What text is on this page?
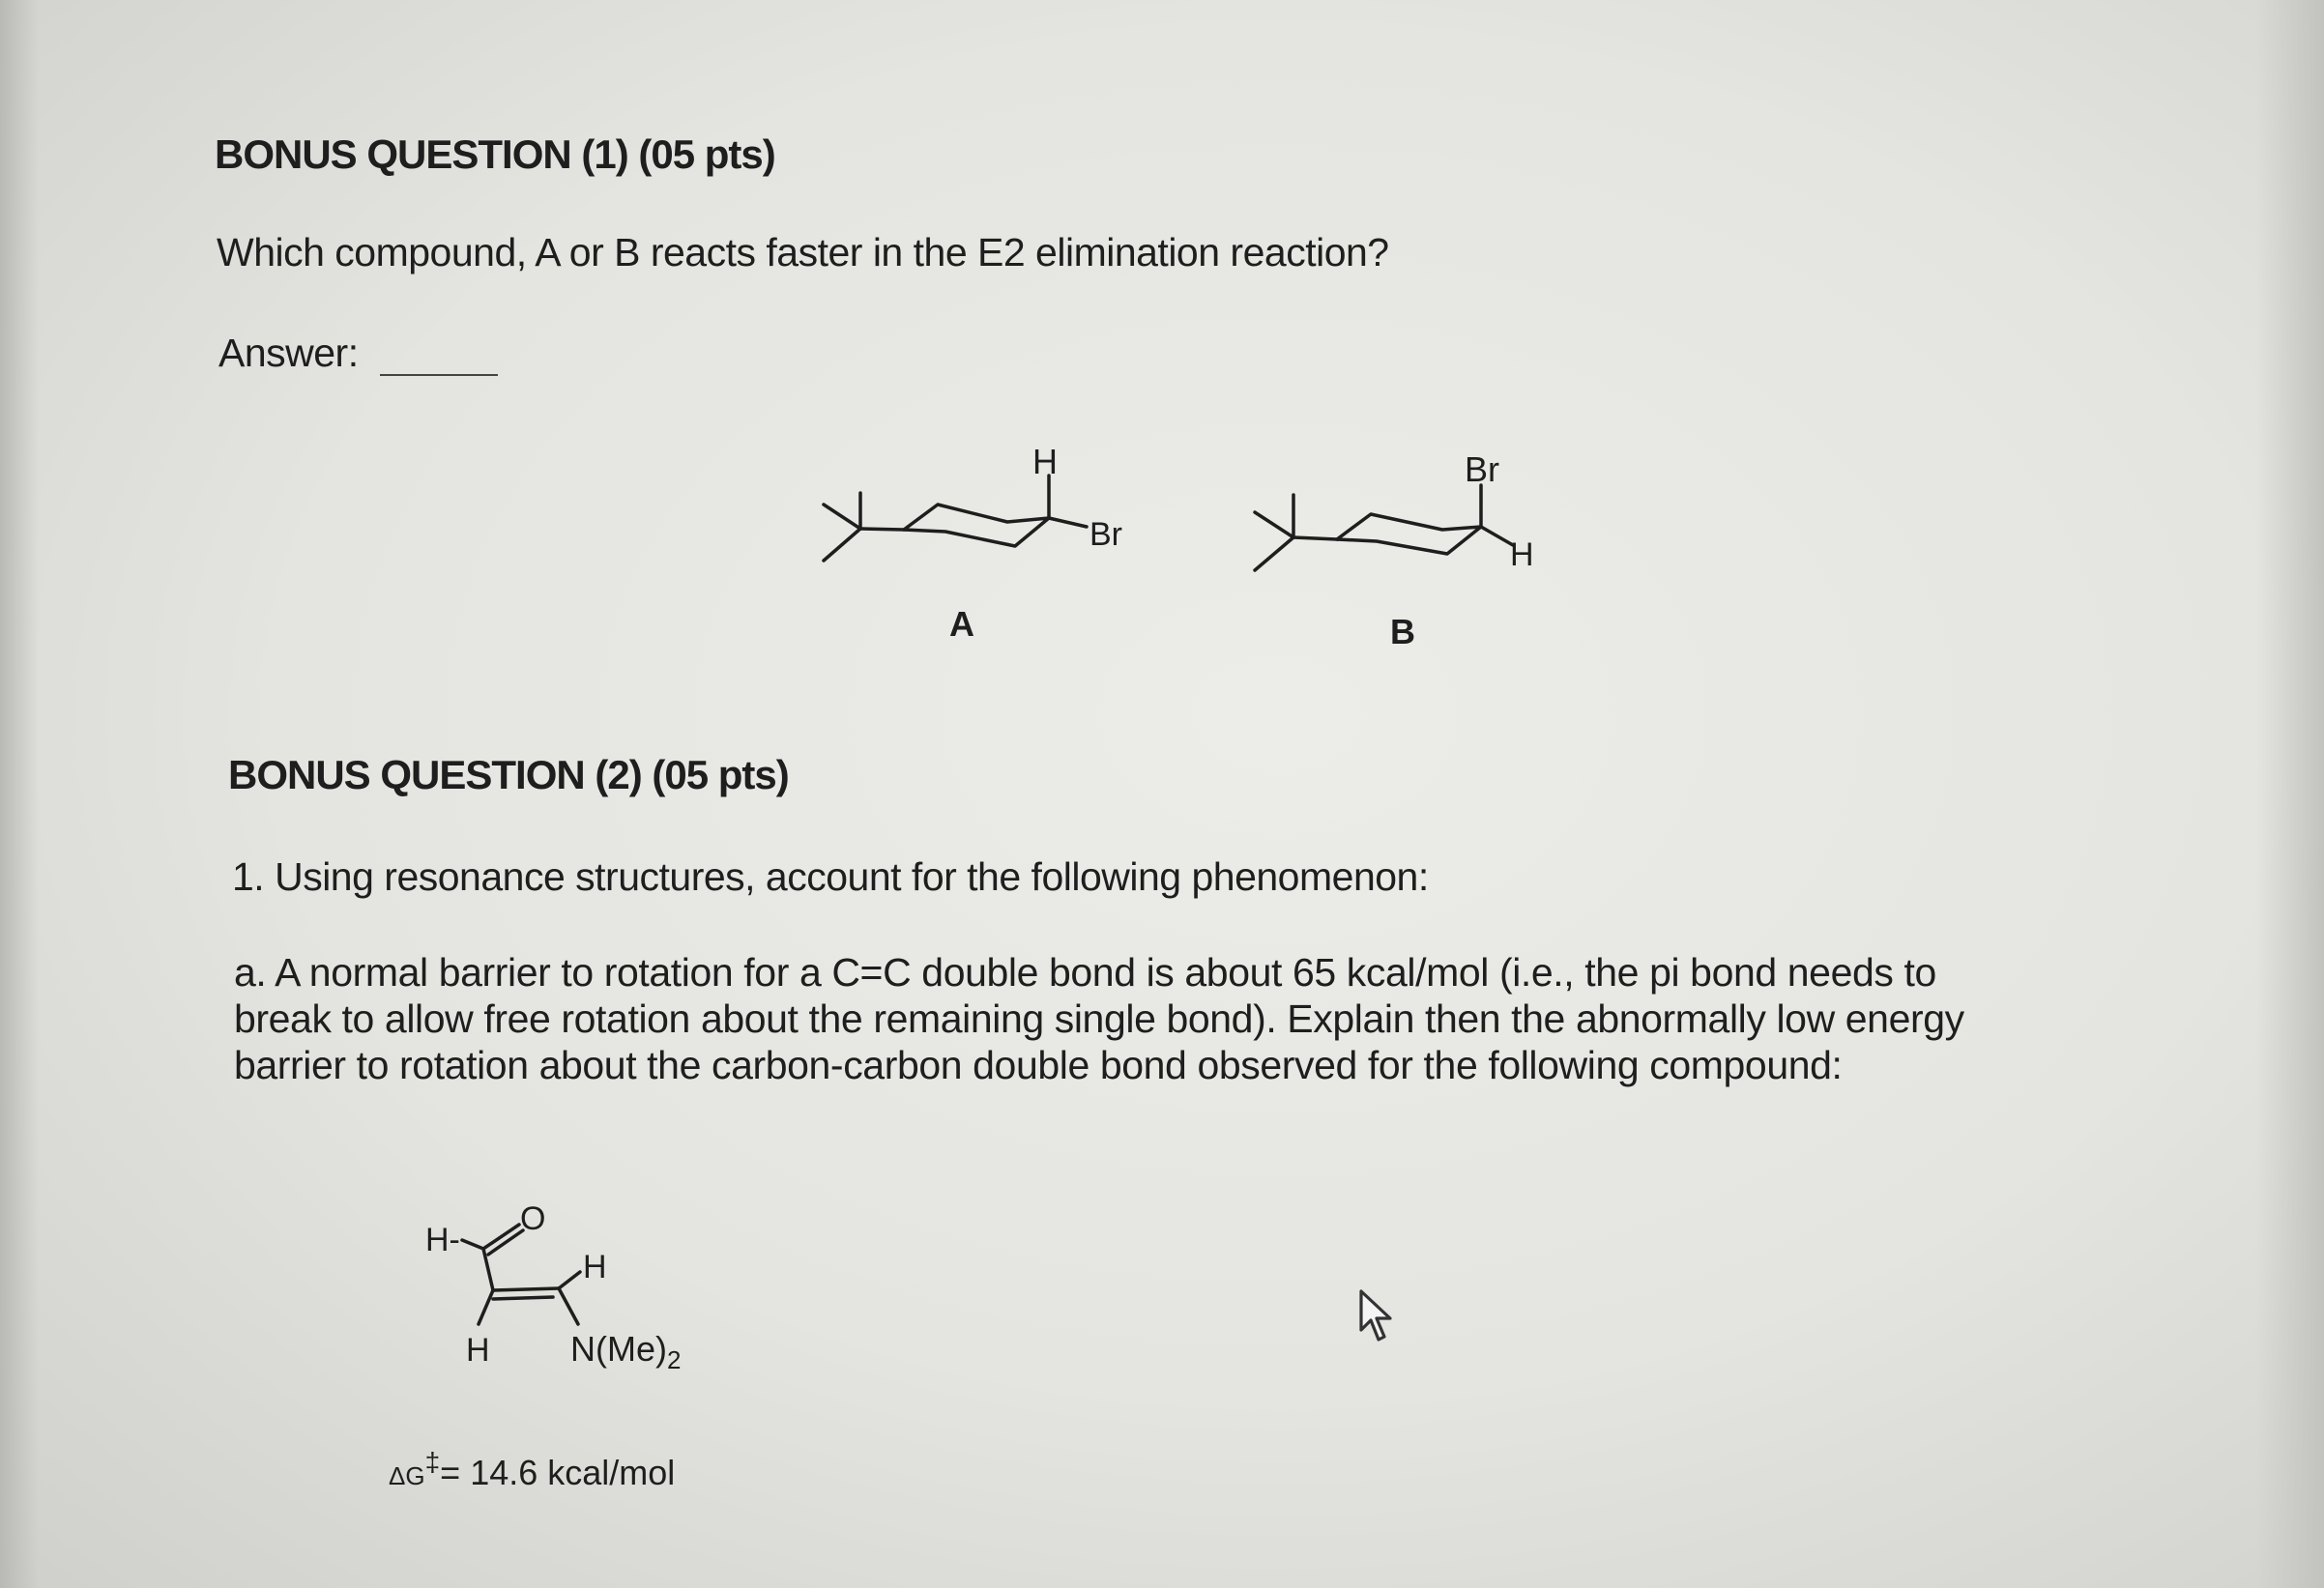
BONUS QUESTION (1) (05 pts)
Which compound, A or B reacts faster in the E2 elimination reaction?
Answer:
H
Br
A
Br
H
B
H-
O
H
H $N(Me)_2$
ΔG‡= 14.6 kcal/mol
BONUS QUESTION (2) (05 pts)
1. Using resonance structures, account for the following phenomenon:
a. A normal barrier to rotation for a C=C double bond is about 65 kcal/mol (i.e., the pi bond needs to
break to allow free rotation about the remaining single bond). Explain then the abnormally low energy
barrier to rotation about the carbon-carbon double bond observed for the following compound:
